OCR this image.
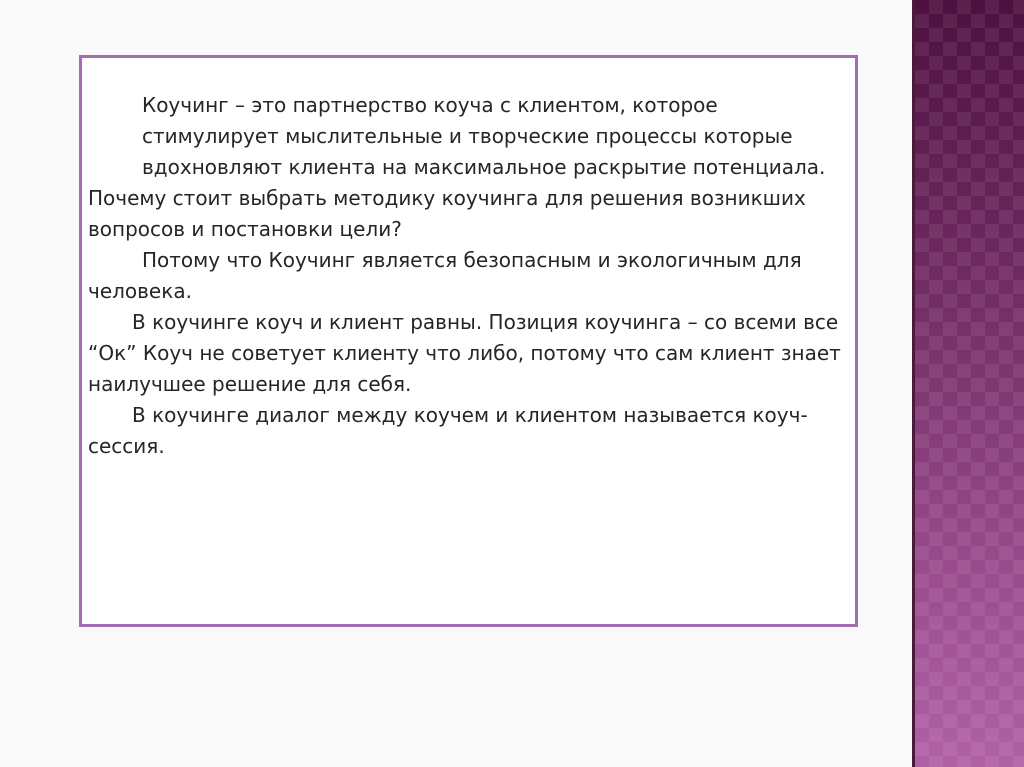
Коучинг – это партнерство коуча с клиентом, которое стимулирует мыслительные и творческие процессы которые вдохновляют клиента на максимальное раскрытие потенциала.

Почему стоит выбрать методику коучинга для решения возникших вопросов и постановки цели?

Потому что Коучинг является безопасным и экологичным для человека.

В коучинге коуч и клиент равны. Позиция коучинга – со всеми все “Ок” Коуч не советует клиенту что либо, потому что сам клиент знает наилучшее решение для себя.

В коучинге диалог между коучем и клиентом называется коуч-сессия.
